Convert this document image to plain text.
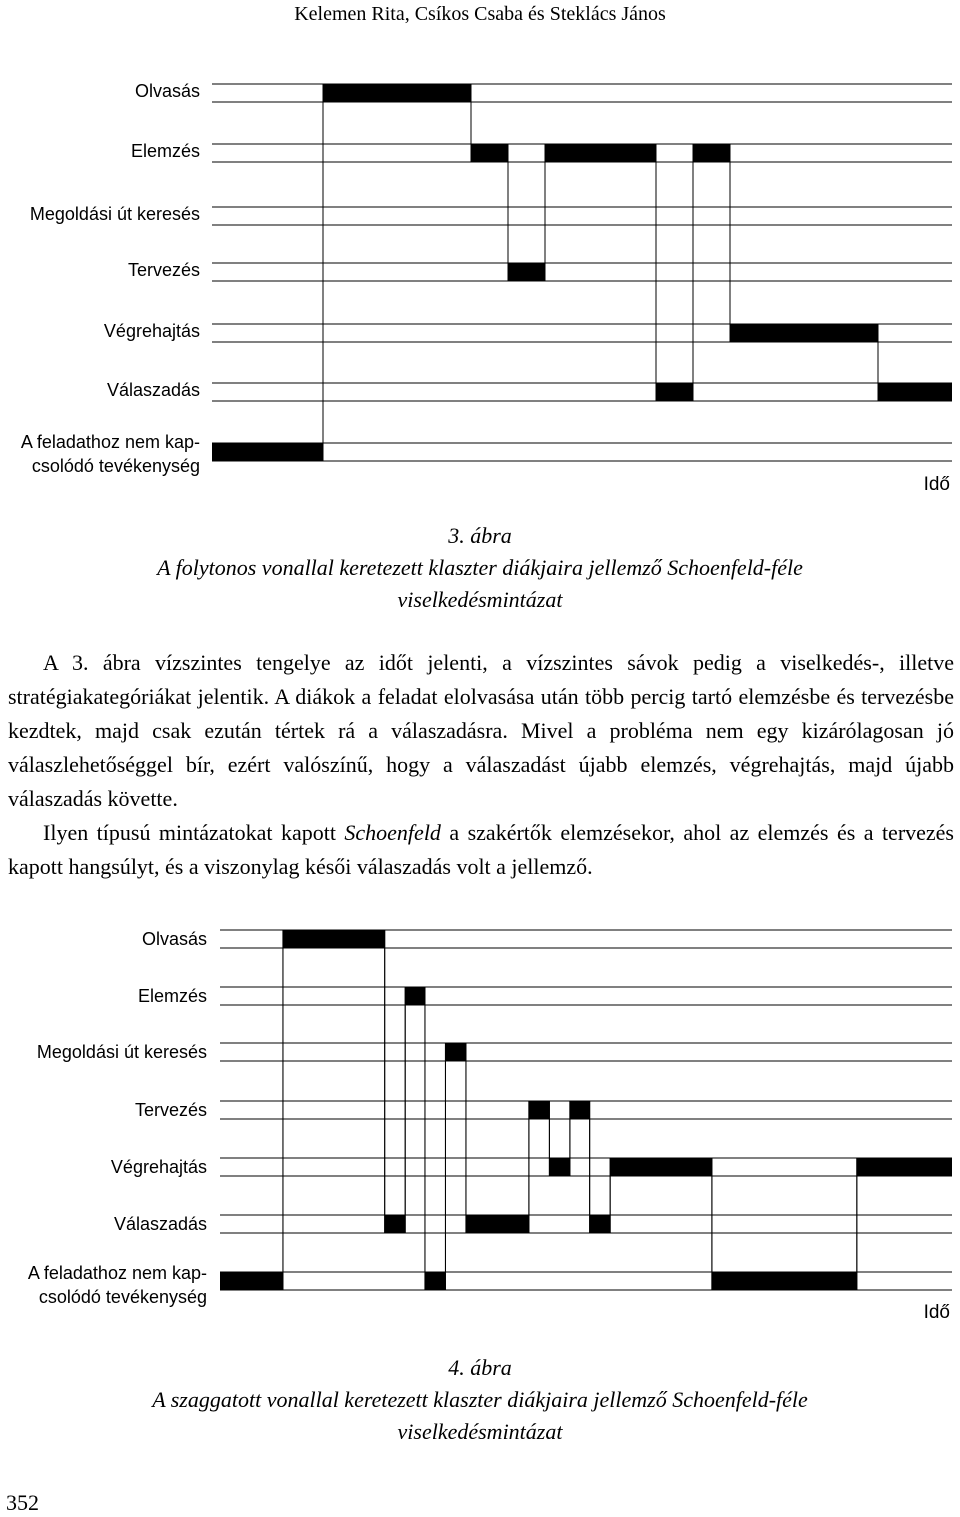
Kelemen Rita, Csíkos Csaba és Steklács János
Olvasás
Elemzés
Megoldási út keresés
Tervezés
Végrehajtás
Válaszadás
A feladathoz nem kap-csolódó tevékenység
Idő
3. ábra
A folytonos vonallal keretezett klaszter diákjaira jellemző Schoenfeld-féle
viselkedésmintázat

A 3. ábra vízszintes tengelye az időt jelenti, a vízszintes sávok pedig a viselkedés-, illetve stratégiakategóriákat jelentik. A diákok a feladat elolvasása után több percig tartó elemzésbe és tervezésbe kezdtek, majd csak ezután tértek rá a válaszadásra. Mivel a probléma nem egy kizárólagosan jó válaszlehetőséggel bír, ezért valószínű, hogy a válaszadást újabb elemzés, végrehajtás, majd újabb válaszadás követte.

Ilyen típusú mintázatokat kapott Schoenfeld a szakértők elemzésekor, ahol az elemzés és a tervezés kapott hangsúlyt, és a viszonylag késői válaszadás volt a jellemző.

Olvasás
Elemzés
Megoldási út keresés
Tervezés
Végrehajtás
Válaszadás
A feladathoz nem kap-csolódó tevékenység
Idő
4. ábra
A szaggatott vonallal keretezett klaszter diákjaira jellemző Schoenfeld-féle
viselkedésmintázat
352
